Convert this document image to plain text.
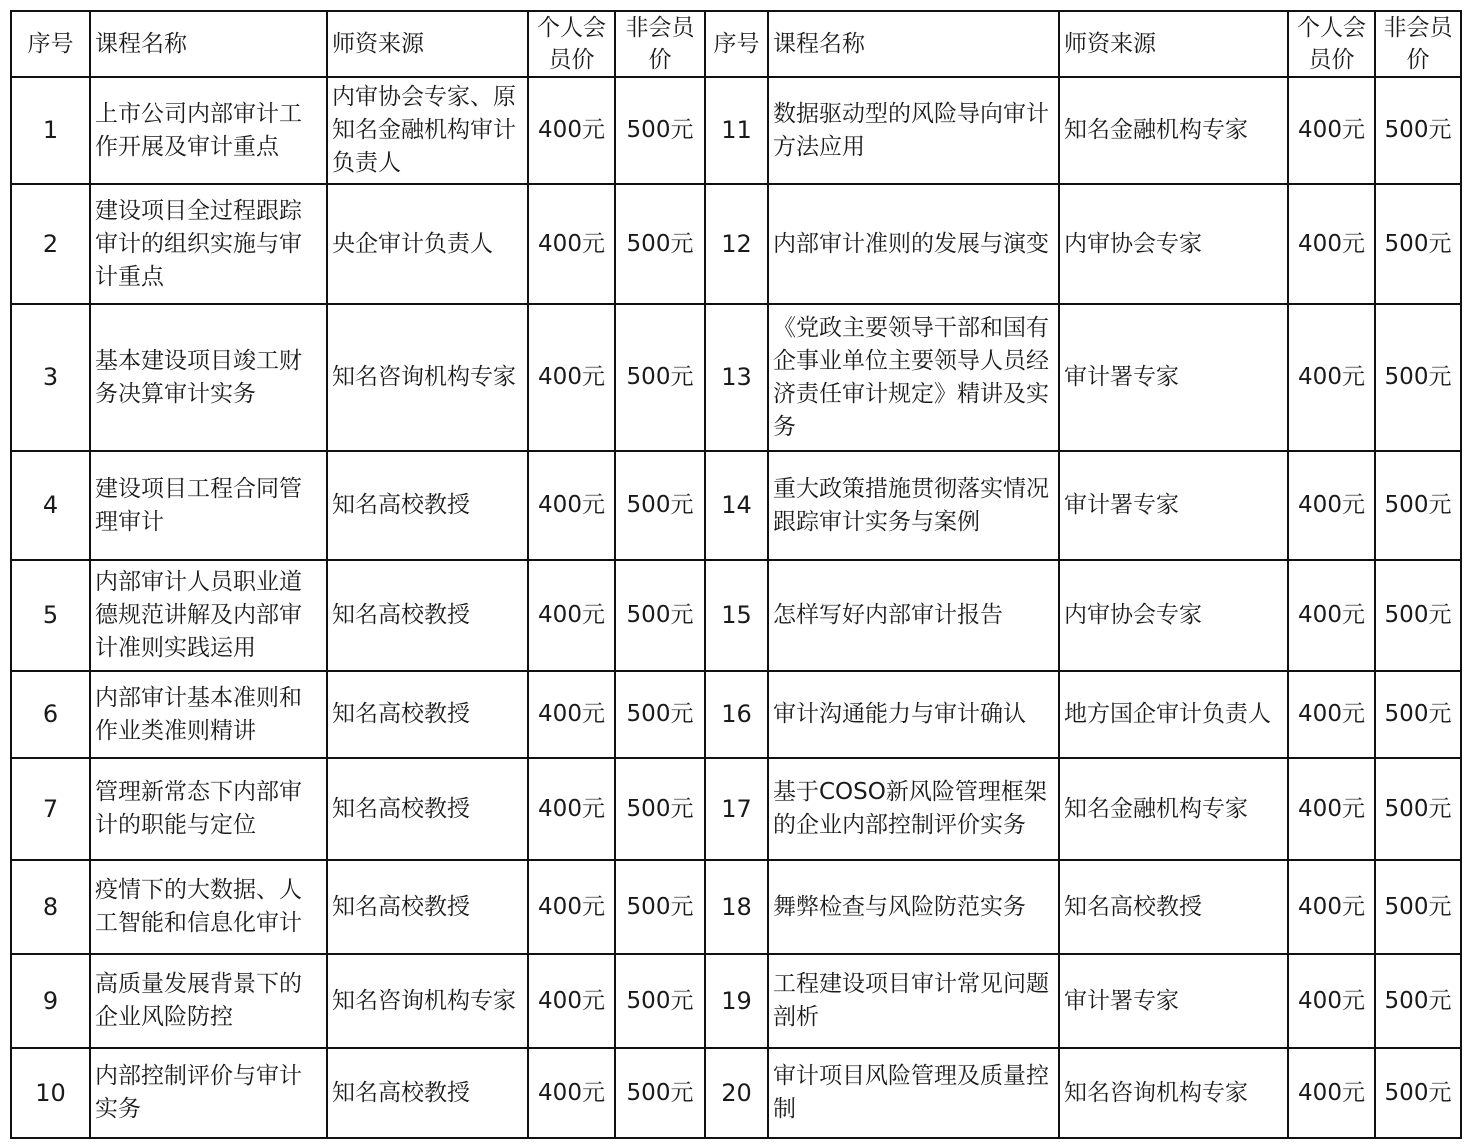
序号	课程名称	师资来源	个人会员价	非会员价	序号	课程名称	师资来源	个人会员价	非会员价
1	上市公司内部审计工作开展及审计重点	内审协会专家、原知名金融机构审计负责人	400元	500元	11	数据驱动型的风险导向审计方法应用	知名金融机构专家	400元	500元
2	建设项目全过程跟踪审计的组织实施与审计重点	央企审计负责人	400元	500元	12	内部审计准则的发展与演变	内审协会专家	400元	500元
3	基本建设项目竣工财务决算审计实务	知名咨询机构专家	400元	500元	13	《党政主要领导干部和国有企事业单位主要领导人员经济责任审计规定》精讲及实务	审计署专家	400元	500元
4	建设项目工程合同管理审计	知名高校教授	400元	500元	14	重大政策措施贯彻落实情况跟踪审计实务与案例	审计署专家	400元	500元
5	内部审计人员职业道德规范讲解及内部审计准则实践运用	知名高校教授	400元	500元	15	怎样写好内部审计报告	内审协会专家	400元	500元
6	内部审计基本准则和作业类准则精讲	知名高校教授	400元	500元	16	审计沟通能力与审计确认	地方国企审计负责人	400元	500元
7	管理新常态下内部审计的职能与定位	知名高校教授	400元	500元	17	基于COSO新风险管理框架的企业内部控制评价实务	知名金融机构专家	400元	500元
8	疫情下的大数据、人工智能和信息化审计	知名高校教授	400元	500元	18	舞弊检查与风险防范实务	知名高校教授	400元	500元
9	高质量发展背景下的企业风险防控	知名咨询机构专家	400元	500元	19	工程建设项目审计常见问题剖析	审计署专家	400元	500元
10	内部控制评价与审计实务	知名高校教授	400元	500元	20	审计项目风险管理及质量控制	知名咨询机构专家	400元	500元
